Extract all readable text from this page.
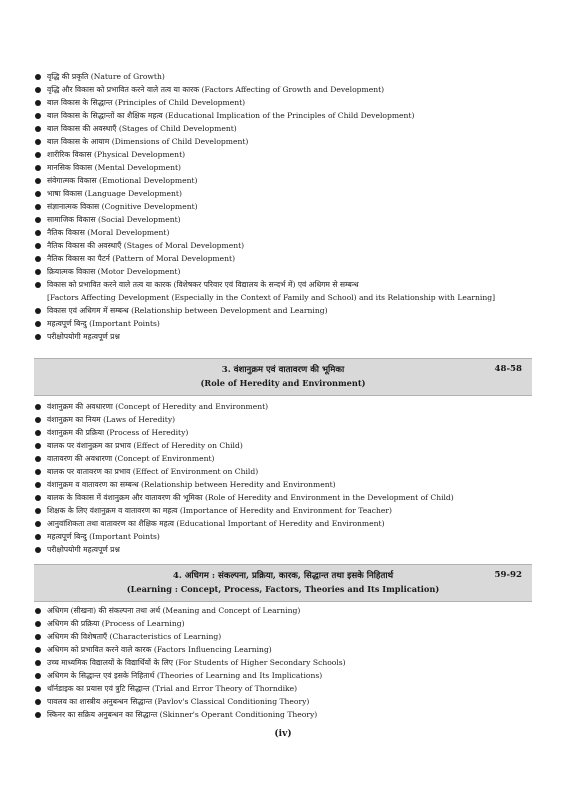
वृद्धि की प्रकृति (Nature of Growth)
वृद्धि और विकास को प्रभावित करने वाले तत्व या कारक (Factors Affecting of Growth and Development)
बाल विकास के सिद्धान्त (Principles of Child Development)
बाल विकास के सिद्धान्तों का शैक्षिक महत्व (Educational Implication of the Principles of Child Development)
बाल विकास की अवस्थाएँ (Stages of Child Development)
बाल विकास के आयाम (Dimensions of Child Development)
शारीरिक विकास (Physical Development)
मानसिक विकास (Mental Development)
संवेगात्मक विकास (Emotional Development)
भाषा विकास (Language Development)
संज्ञानात्मक विकास (Cognitive Development)
सामाजिक विकास (Social Development)
नैतिक विकास (Moral Development)
नैतिक विकास की अवस्थाएँ (Stages of Moral Development)
नैतिक विकास का पैटर्न (Pattern of Moral Development)
क्रियात्मक विकास (Motor Development)
विकास को प्रभावित करने वाले तत्व या कारक (विशेषकर परिवार एवं विद्यालय के सन्दर्भ में) एवं अधिगम से सम्बन्ध
[Factors Affecting Development (Especially in the Context of Family and School) and its Relationship with Learning]
विकास एवं अधिगम में सम्बन्ध (Relationship between Development and Learning)
महत्वपूर्ण बिन्दु (Important Points)
परीक्षोपयोगी महत्वपूर्ण प्रश्न
3. वंशानुक्रम एवं वातावरण की भूमिका
(Role of Heredity and Environment)
48-58
वंशानुक्रम की अवधारणा (Concept of Heredity and Environment)
वंशानुक्रम का नियम (Laws of Heredity)
वंशानुक्रम की प्रक्रिया (Process of Heredity)
बालक पर वंशानुक्रम का प्रभाव (Effect of Heredity on Child)
वातावरण की अवधारणा (Concept of Environment)
बालक पर वातावरण का प्रभाव (Effect of Environment on Child)
वंशानुक्रम व वातावरण का सम्बन्ध (Relationship between Heredity and Environment)
बालक के विकास में वंशानुक्रम और वातावरण की भूमिका (Role of Heredity and Environment in the Development of Child)
शिक्षक के लिए वंशानुक्रम व वातावरण का महत्व (Importance of Heredity and Environment for Teacher)
आनुवांशिकता तथा वातावरण का शैक्षिक महत्व (Educational Important of Heredity and Environment)
महत्वपूर्ण बिन्दु (Important Points)
परीक्षोपयोगी महत्वपूर्ण प्रश्न
4. अधिगम : संकल्पना, प्रक्रिया, कारक, सिद्धान्त तथा इसके निहितार्थ
(Learning : Concept, Process, Factors, Theories and Its Implication)
59-92
अधिगम (सीखना) की संकल्पना तथा अर्थ (Meaning and Concept of Learning)
अधिगम की प्रक्रिया (Process of Learning)
अधिगम की विशेषताएँ (Characteristics of Learning)
अधिगम को प्रभावित करने वाले कारक (Factors Influencing Learning)
उच्च माध्यमिक विद्यालयों के विद्यार्थियों के लिए (For Students of Higher Secondary Schools)
अधिगम के सिद्धान्त एवं इसके निहितार्थ (Theories of Learning and Its Implications)
थॉर्नडाइक का प्रयास एवं त्रुटि सिद्धान्त (Trial and Error Theory of Thorndike)
पावलव का शास्त्रीय अनुबन्धन सिद्धान्त (Pavlov's Classical Conditioning Theory)
स्किनर का सक्रिय अनुबन्धन का सिद्धान्त (Skinner's Operant Conditioning Theory)
(iv)
